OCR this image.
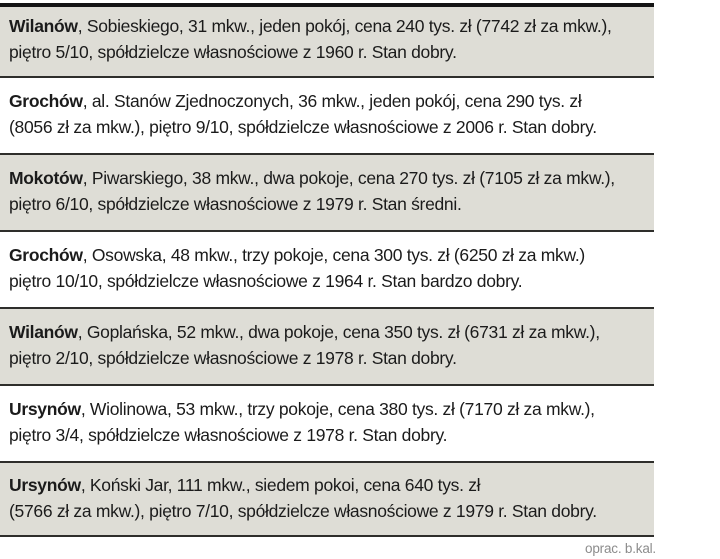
Wilanów, Sobieskiego, 31 mkw., jeden pokój, cena 240 tys. zł (7742 zł za mkw.),
piętro 5/10, spółdzielcze własnościowe z 1960 r. Stan dobry.
Grochów, al. Stanów Zjednoczonych, 36 mkw., jeden pokój, cena 290 tys. zł
(8056 zł za mkw.), piętro 9/10, spółdzielcze własnościowe z 2006 r. Stan dobry.
Mokotów, Piwarskiego, 38 mkw., dwa pokoje, cena 270 tys. zł (7105 zł za mkw.),
piętro 6/10, spółdzielcze własnościowe z 1979 r. Stan średni.
Grochów, Osowska, 48 mkw., trzy pokoje, cena 300 tys. zł (6250 zł za mkw.)
piętro 10/10, spółdzielcze własnościowe z 1964 r. Stan bardzo dobry.
Wilanów, Goplańska, 52 mkw., dwa pokoje, cena 350 tys. zł (6731 zł za mkw.),
piętro 2/10, spółdzielcze własnościowe z 1978 r. Stan dobry.
Ursynów, Wiolinowa, 53 mkw., trzy pokoje, cena 380 tys. zł (7170 zł za mkw.),
piętro 3/4, spółdzielcze własnościowe z 1978 r. Stan dobry.
Ursynów, Koński Jar, 111 mkw., siedem pokoi, cena 640 tys. zł
(5766 zł za mkw.), piętro 7/10, spółdzielcze własnościowe z 1979 r. Stan dobry.
oprac. b.kal.
